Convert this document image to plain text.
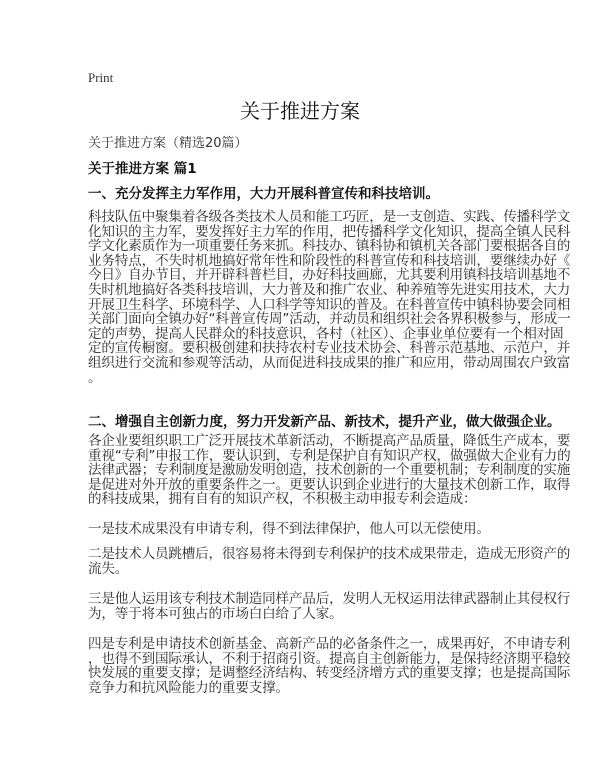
Print
关于推进方案
关于推进方案（精选20篇）
关于推进方案 篇1
一、充分发挥主力军作用，大力开展科普宣传和科技培训。
科技队伍中聚集着各级各类技术人员和能工巧匠，是一支创造、实践、传播科学文
化知识的主力军，要发挥好主力军的作用，把传播科学文化知识，提高全镇人民科
学文化素质作为一项重要任务来抓。科技办、镇科协和镇机关各部门要根据各自的
业务特点，不失时机地搞好常年性和阶段性的科普宣传和科技培训，要继续办好《
今日》自办节目，并开辟科普栏目，办好科技画廊，尤其要利用镇科技培训基地不
失时机地搞好各类科技培训，大力普及和推广农业、种养殖等先进实用技术，大力
开展卫生科学、环境科学、人口科学等知识的普及。在科普宣传中镇科协要会同相
关部门面向全镇办好“科普宣传周”活动，并动员和组织社会各界积极参与，形成一
定的声势，提高人民群众的科技意识，各村（社区）、企事业单位要有一个相对固
定的宣传橱窗。要积极创建和扶持农村专业技术协会、科普示范基地、示范户，并
组织进行交流和参观等活动，从而促进科技成果的推广和应用，带动周围农户致富
。
二、增强自主创新力度，努力开发新产品、新技术，提升产业，做大做强企业。
各企业要组织职工广泛开展技术革新活动，不断提高产品质量，降低生产成本，要
重视“专利”申报工作，要认识到，专利是保护自有知识产权，做强做大企业有力的
法律武器；专利制度是激励发明创造，技术创新的一个重要机制；专利制度的实施
是促进对外开放的重要条件之一。更要认识到企业进行的大量技术创新工作，取得
的科技成果，拥有自有的知识产权，不积极主动申报专利会造成：
一是技术成果没有申请专利，得不到法律保护，他人可以无偿使用。
二是技术人员跳槽后，很容易将未得到专利保护的技术成果带走，造成无形资产的
流失。
三是他人运用该专利技术制造同样产品后，发明人无权运用法律武器制止其侵权行
为，等于将本可独占的市场白白给了人家。
四是专利是申请技术创新基金、高新产品的必备条件之一，成果再好，不申请专利
，也得不到国际承认，不利于招商引资。提高自主创新能力，是保持经济期平稳较
快发展的重要支撑；是调整经济结构、转变经济增方式的重要支撑；也是提高国际
竞争力和抗风险能力的重要支撑。
